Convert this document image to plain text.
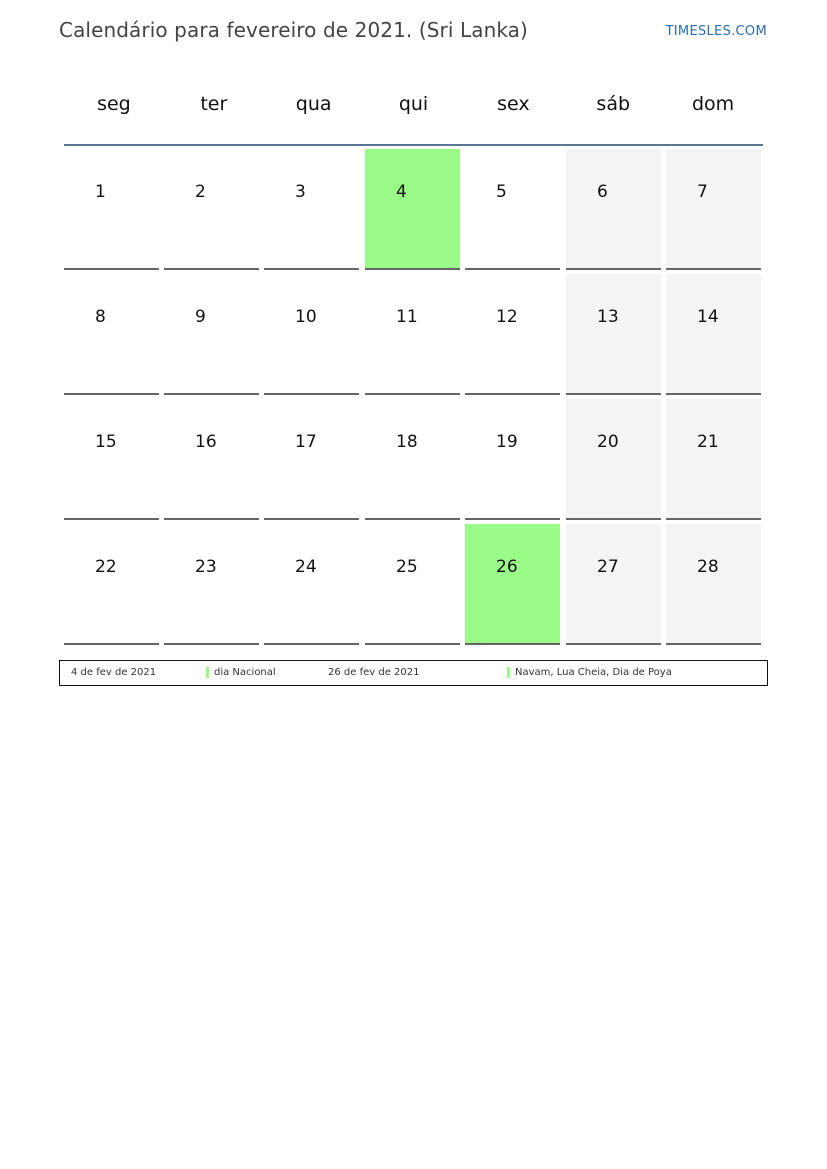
Calendário para fevereiro de 2021. (Sri Lanka)	TIMESLES.COM
seg	ter	qua	qui	sex	sáb	dom
1	2	3	4	5	6	7
8	9	10	11	12	13	14
15	16	17	18	19	20	21
22	23	24	25	26	27	28
4 de fev de 2021	dia Nacional	26 de fev de 2021	Navam, Lua Cheia, Dia de Poya
